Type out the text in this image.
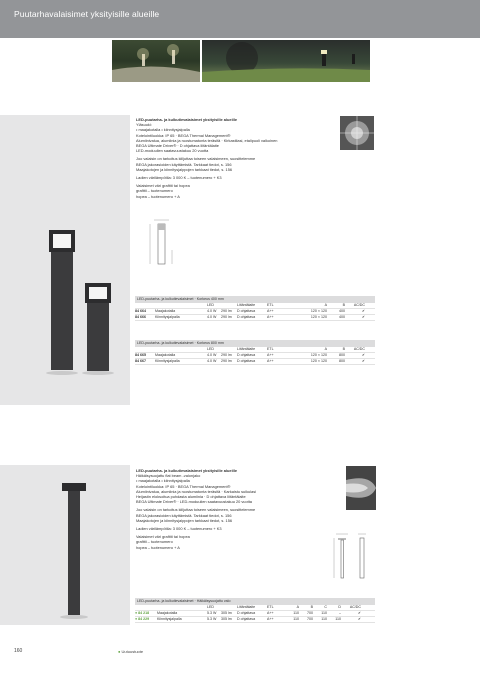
Puutarhavalaisimet yksityisille alueille
LED-puutarha- ja kulkutievalaisimet yksityisille alueille
Yläsuuki:
• maajakotalla • kiinnitysjalpalla
Kotelointiluokka: IP 65 · BEGA Thermal Management®
Alumiinivalua, alumiinia ja ruostumatonta teräsitä · Kirkastilasi, etalipuoli valkoinen
BEGA Ultimate Driver® · D ohjattava liitäntälaite
LED-moduulien saatavuustakuu 20 vuotta
Joo valaisin on tarkoitus kiiljuttaa toiseen valaisimeen, suosittelemme
BEGA jakorasioiden käyttämistä. Tarkkaat tiedot, s. 156
Maajakotojen ja kiinnitysjalppojen tarkkaat tiedot, s. 156
Ladien värilämpötila: 3 000 K – tuotenumero + K3
Valaisimet väri grafitti tai hopea
grafitti – tuotenumero
hopea – tuotenumero + A
LED-puutarha- ja kulkutievalaisimet · Korkeus 400 mm
LED	Liitäntälaite	ETL	A	B	AC/DC
84 664	Maajakotalla	4.0 W	290 lm	D ohjattava	A++	120 × 120	400	✔
84 666	Kiinnitysjalpalla	4.0 W	290 lm	D ohjattava	A++	120 × 120	400	✔
LED-puutarha- ja kulkutievalaisimet · Korkeus 800 mm
LED	Liitäntälaite	ETL	A	B	AC/DC
84 665	Maajakotalla	4.0 W	290 lm	D ohjattava	A++	120 × 120	800	✔
84 667	Kiinnitysjalpalla	4.0 W	290 lm	D ohjattava	A++	120 × 120	800	✔
LED-puutarha- ja kulkutievalaisimet yksityisille alueille
Häikäisysuojattu flat beam -valonjako
• maajakotalla • kiinnitysjalpalla
Kotelointiluokka: IP 65 · BEGA Thermal Management®
Alumiinivalua, alumiinia ja ruostumatonta teräsitä · Karkaistu suikulasi
Heijastin eloksoitua puhdasta alumiinia · D ohjattava liitäntälaite
BEGA Ultimate Driver® · LED-moduulien saatavuustakuu 20 vuotta
Joo valaisin on tarkoitus kiiljuttaa toiseen valaisimeen, suosittelemme
BEGA jakorasioiden käyttämistä. Tarkkaat tiedot, s. 156
Maajakotojen ja kiinnitysjalppojen tarkkaat tiedot, s. 156
Ladien värilämpötila: 3 000 K – tuotenumero + K3
Valaisimet väri grafitti tai hopea
grafitti – tuotenumero
hopea – tuotenumero + A
LED-puutarha- ja kulkutievalaisimet · Häikäisysuojattu valo
LED	Liitäntälaite	ETL	A	B	C	D	AC/DC
● 84 218	Maajakotalla	5.3 W	305 lm	D ohjattava	A++	110	700	110	–	✔
● 84 229	Kiinnitysjalpalla	5.3 W	305 lm	D ohjattava	A++	110	700	110	110	✔
160	● Uutuustuote
